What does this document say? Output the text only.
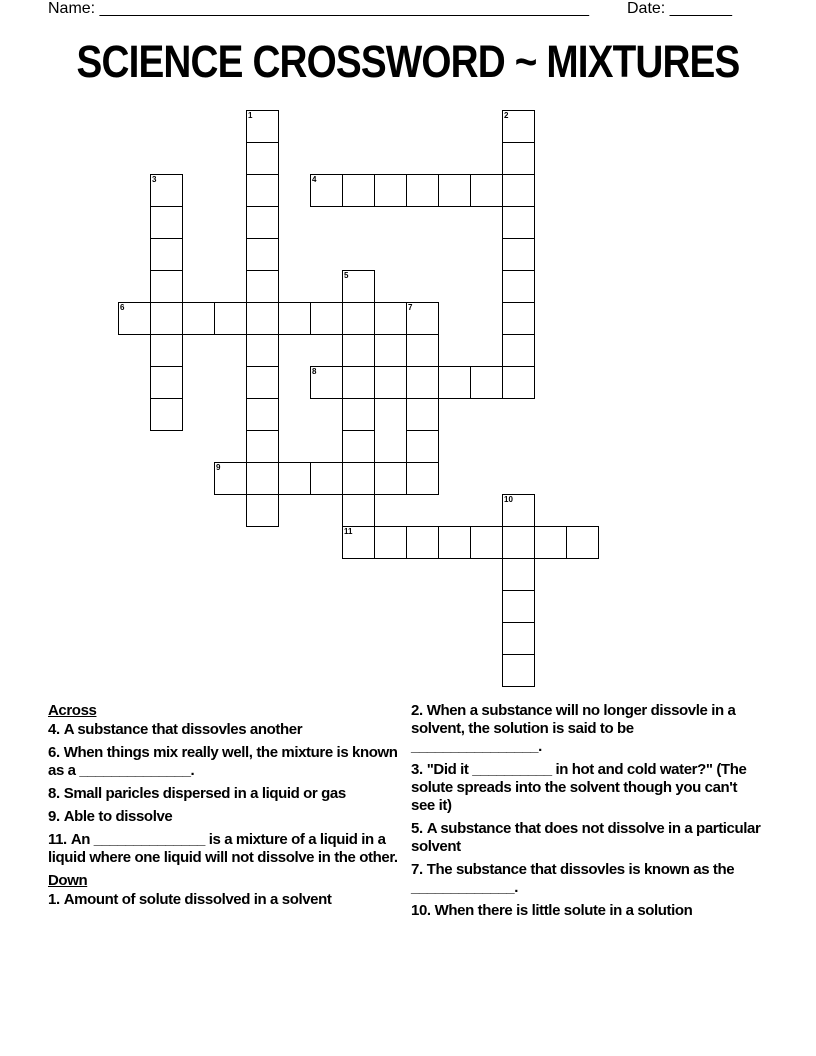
Name: _______________________________________________________ Date: _______
SCIENCE CROSSWORD ~ MIXTURES
1	2
3	4
5
11
6	7
8
9
10
Across
4. A substance that dissovles another
6. When things mix really well, the mixture is known as a ______________.
8. Small paricles dispersed in a liquid or gas
9. Able to dissolve
11. An ______________ is a mixture of a liquid in a liquid where one liquid will not dissolve in the other.
Down
1. Amount of solute dissolved in a solvent
2. When a substance will no longer dissovle in a solvent, the solution is said to be ________________.
3. "Did it __________ in hot and cold water?" (The solute spreads into the solvent though you can't see it)
5. A substance that does not dissolve in a particular solvent
7. The substance that dissovles is known as the _____________.
10. When there is little solute in a solution
